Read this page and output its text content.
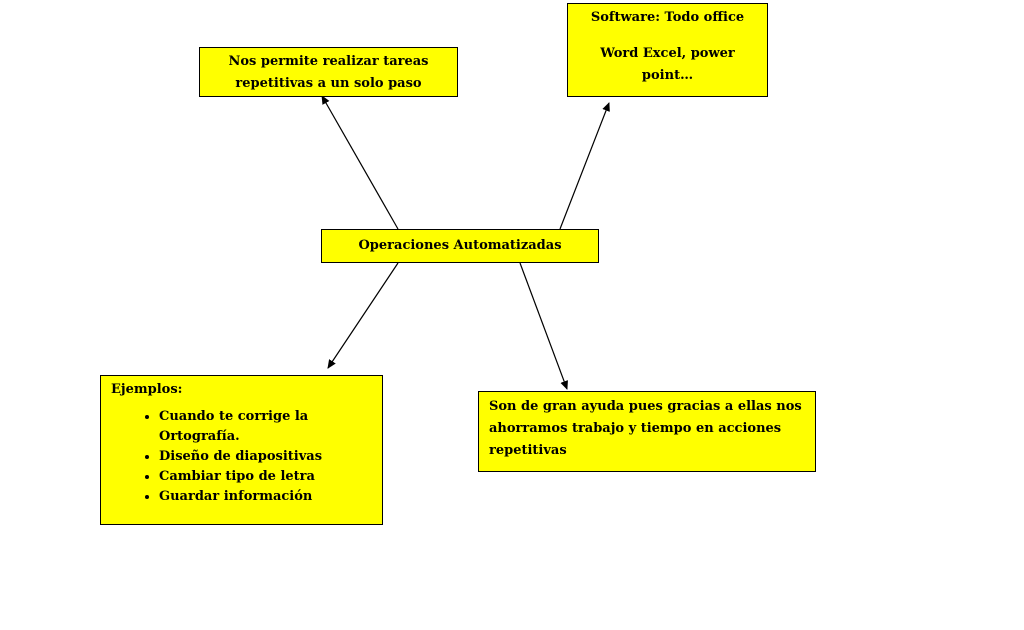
Nos permite realizar tareas repetitivas a un solo paso
Software: Todo office
Word Excel, power point…
Operaciones Automatizadas
Ejemplos:
• Cuando te corrige la Ortografía.
• Diseño de diapositivas
• Cambiar tipo de letra
• Guardar información
Son de gran ayuda pues gracias a ellas nos ahorramos trabajo y tiempo en acciones repetitivas
